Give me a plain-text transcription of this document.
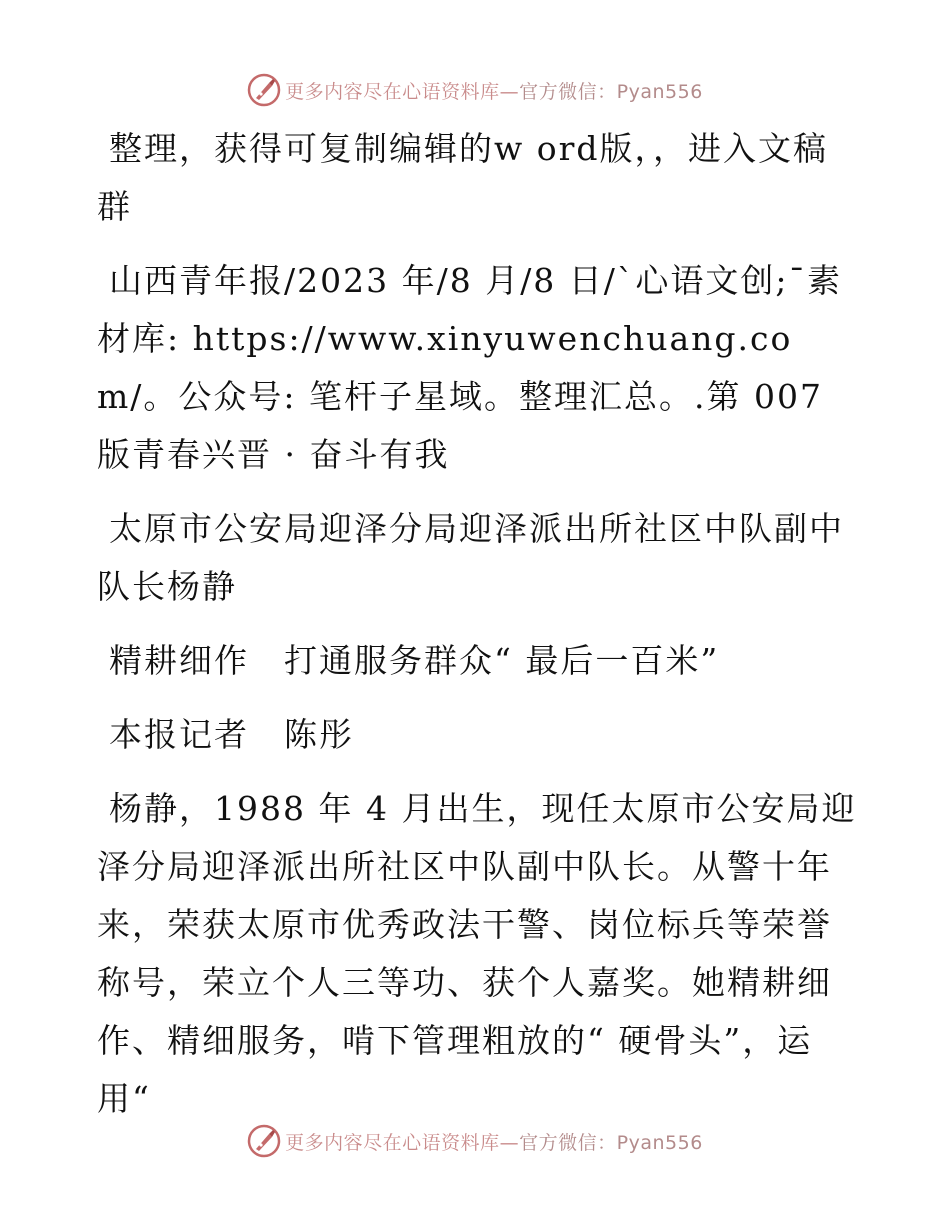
更多内容尽在心语资料库—官方微信：Pyan556

整理，获得可复制编辑的w ord版，，进入文稿群

山西青年报/2023 年/8 月/8 日/`心语文创;¯素材库: https://www.xinyuwenchuang.com/。公众号: 笔杆子星域。整理汇总。.第 007 版青春兴晋 · 奋斗有我

太原市公安局迎泽分局迎泽派出所社区中队副中队长杨静

精耕细作　打通服务群众“ 最后一百米”

本报记者　陈彤

杨静，1988 年 4 月出生，现任太原市公安局迎泽分局迎泽派出所社区中队副中队长。从警十年来，荣获太原市优秀政法干警、岗位标兵等荣誉称号，荣立个人三等功、获个人嘉奖。她精耕细作、精细服务，啃下管理粗放的“ 硬骨头”，运用“

更多内容尽在心语资料库—官方微信：Pyan556
